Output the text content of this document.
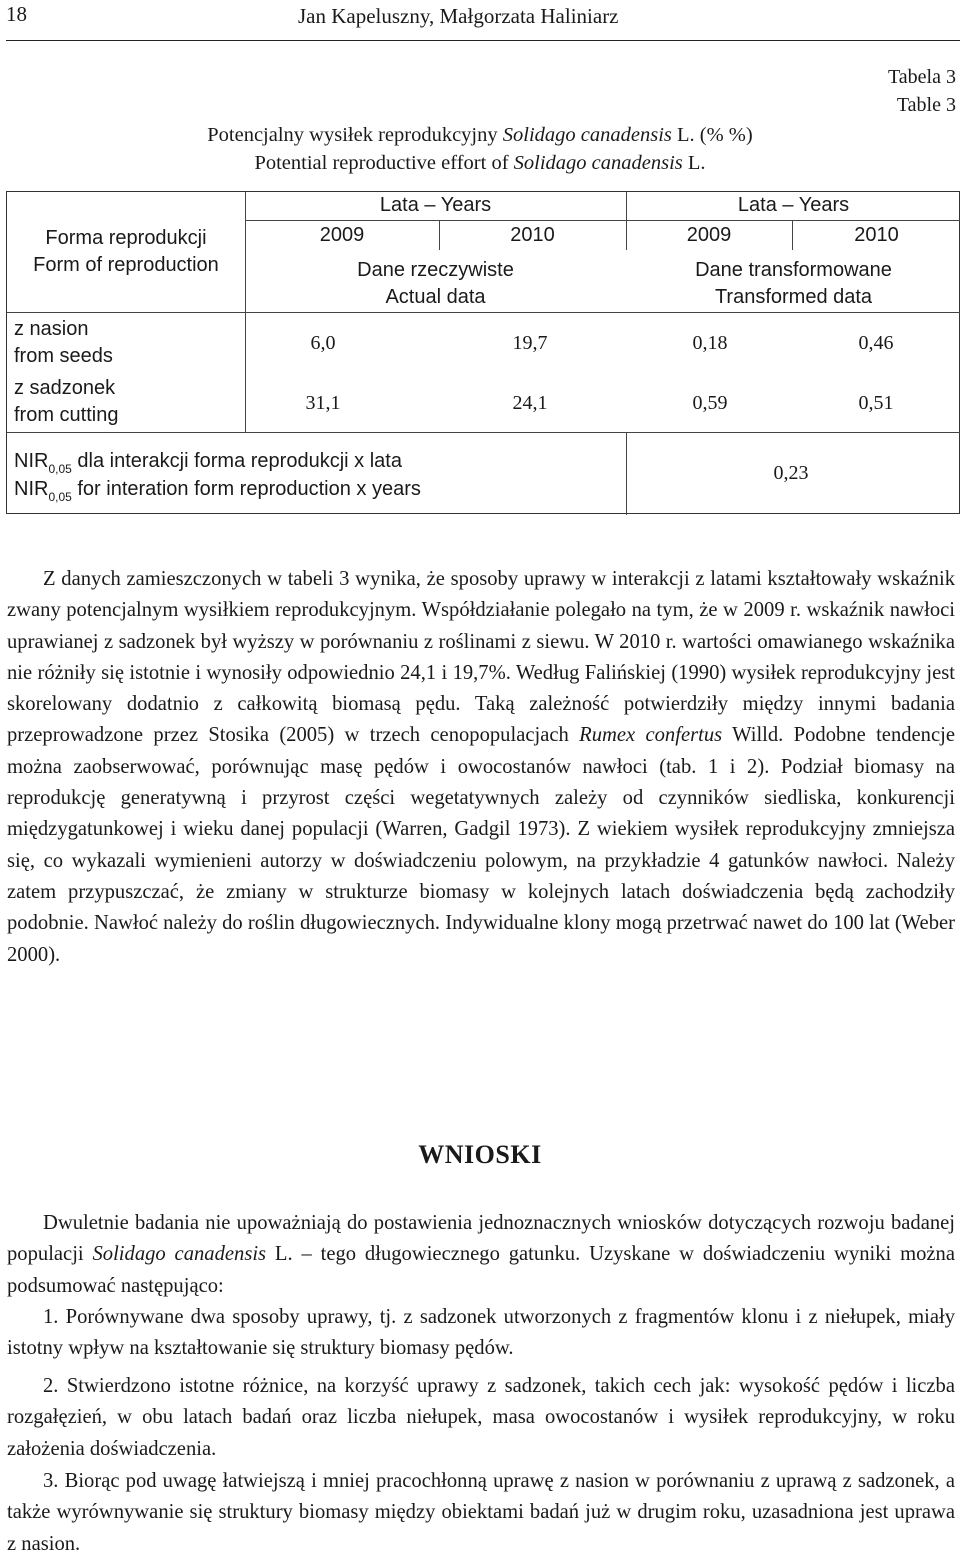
18	Jan Kapeluszny, Małgorzata Haliniarz
Tabela 3
Table 3
Potencjalny wysiłek reprodukcyjny Solidago canadensis L. (% %)
Potential reproductive effort of Solidago canadensis L.
Forma reprodukcji
Form of reproduction
Lata – Years	Lata – Years
2009	2010	2009	2010
Dane rzeczywiste
Actual data
Dane transformowane
Transformed data
z nasion
from seeds
6,0	19,7	0,18	0,46
z sadzonek
from cutting
31,1	24,1	0,59	0,51
$NIR_{0,05}$ dla interakcji forma reprodukcji x lata
$NIR_{0,05}$ for interation form reproduction x years
0,23
Z danych zamieszczonych w tabeli 3 wynika, że sposoby uprawy w interakcji z latami kształtowały wskaźnik zwany potencjalnym wysiłkiem reprodukcyjnym. Współdziałanie polegało na tym, że w 2009 r. wskaźnik nawłoci uprawianej z sadzonek był wyższy w porównaniu z roślinami z siewu. W 2010 r. wartości omawianego wskaźnika nie różniły się istotnie i wynosiły odpowiednio 24,1 i 19,7%. Według Falińskiej (1990) wysiłek reprodukcyjny jest skorelowany dodatnio z całkowitą biomasą pędu. Taką zależność potwierdziły między innymi badania przeprowadzone przez Stosika (2005) w trzech cenopopulacjach Rumex confertus Willd. Podobne tendencje można zaobserwować, porównując masę pędów i owocostanów nawłoci (tab. 1 i 2). Podział biomasy na reprodukcję generatywną i przyrost części wegetatywnych zależy od czynników siedliska, konkurencji międzygatunkowej i wieku danej populacji (Warren, Gadgil 1973). Z wiekiem wysiłek reprodukcyjny zmniejsza się, co wykazali wymienieni autorzy w doświadczeniu polowym, na przykładzie 4 gatunków nawłoci. Należy zatem przypuszczać, że zmiany w strukturze biomasy w kolejnych latach doświadczenia będą zachodziły podobnie. Nawłoć należy do roślin długowiecznych. Indywidualne klony mogą przetrwać nawet do 100 lat (Weber 2000).
WNIOSKI
Dwuletnie badania nie upoważniają do postawienia jednoznacznych wniosków dotyczących rozwoju badanej populacji Solidago canadensis L. – tego długowiecznego gatunku. Uzyskane w doświadczeniu wyniki można podsumować następująco:
1. Porównywane dwa sposoby uprawy, tj. z sadzonek utworzonych z fragmentów klonu i z niełupek, miały istotny wpływ na kształtowanie się struktury biomasy pędów.
2. Stwierdzono istotne różnice, na korzyść uprawy z sadzonek, takich cech jak: wysokość pędów i liczba rozgałęzień, w obu latach badań oraz liczba niełupek, masa owocostanów i wysiłek reprodukcyjny, w roku założenia doświadczenia.
3. Biorąc pod uwagę łatwiejszą i mniej pracochłonną uprawę z nasion w porównaniu z uprawą z sadzonek, a także wyrównywanie się struktury biomasy między obiektami badań już w drugim roku, uzasadniona jest uprawa z nasion.
